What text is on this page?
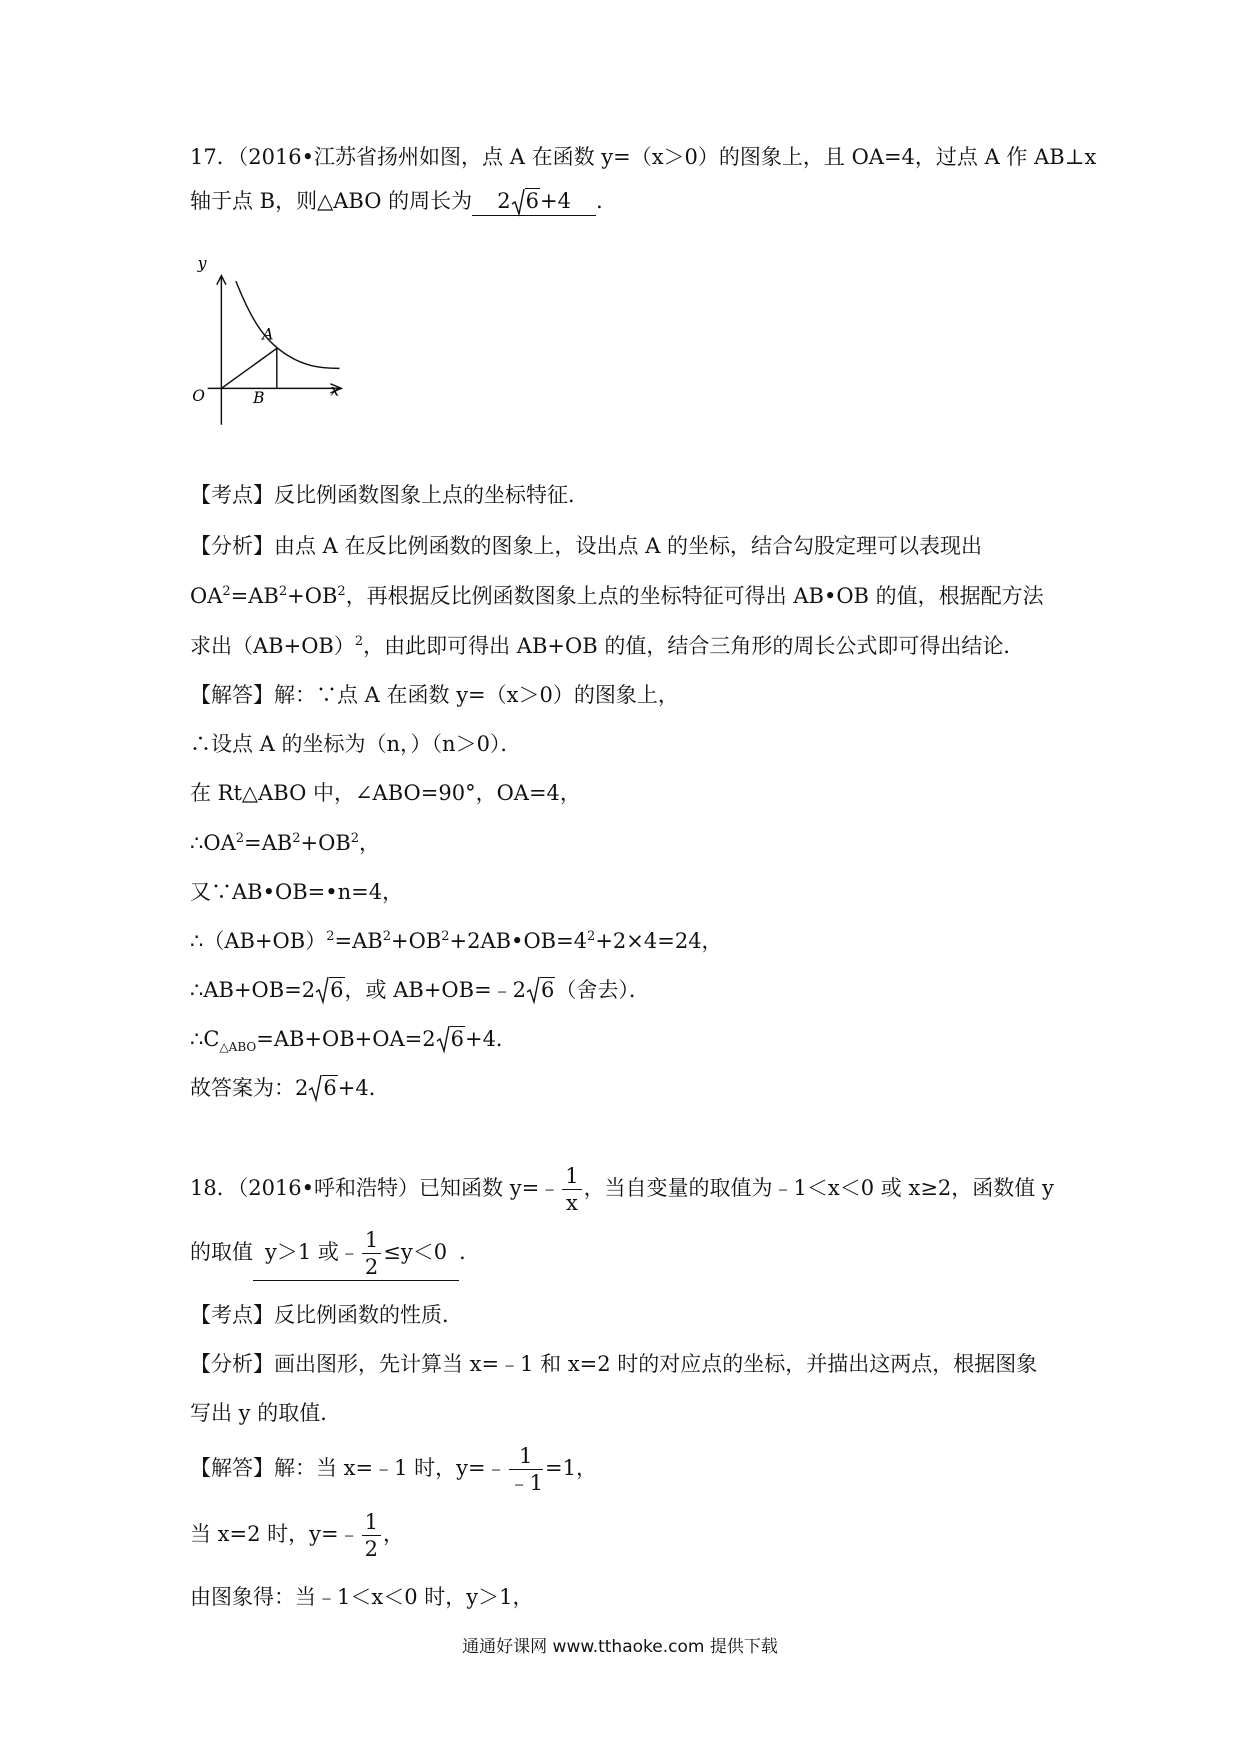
17．（2016•江苏省扬州如图，点 A 在函数 y=（x＞0）的图象上，且 OA=4，过点 A 作 AB⊥x
轴于点 B，则△ABO 的周长为 2 6+4 ．
y
x
O
A
B
【考点】反比例函数图象上点的坐标特征．
【分析】由点 A 在反比例函数的图象上，设出点 A 的坐标，结合勾股定理可以表现出
$OA^2=AB^2+OB^2$，再根据反比例函数图象上点的坐标特征可得出 AB•OB 的值，根据配方法
求出$(AB+OB)^2$，由此即可得出 AB+OB 的值，结合三角形的周长公式即可得出结论．
【解答】解：∵点 A 在函数 y=（x＞0）的图象上，
∴设点 A 的坐标为（n，）（n＞0）．
在 Rt△ABO 中，∠ABO=90°，OA=4，
$\therefore OA^2=AB^2+OB^2$，
又∵AB•OB=•n=4，
$\therefore(AB+OB)^2=AB^2+OB^2+2AB•OB=4^2+2\times 4=24$，
∴AB+OB=2 6，或 AB+OB=﹣2 6（舍去）．
$\therefore C_{\triangle ABO}=AB+OB+OA=2$ 6+4．
故答案为：2 6+4．
18．（2016•呼和浩特）已知函数 y=﹣ $\frac{1}{x}$ ，当自变量的取值为﹣1＜x＜0 或 x≥2，函数值 y
的取值 y＞1 或﹣ $\frac{1}{2} \le y<0$ ．
【考点】反比例函数的性质．
【分析】画出图形，先计算当 x=﹣1 和 x=2 时的对应点的坐标，并描出这两点，根据图象
写出 y 的取值．
【解答】解：当 x=﹣1 时，y=﹣ $\frac{1}{﹣1} =1$，
当 x=2 时，y=﹣ $\frac{1}{2}$ ，
由图象得：当﹣1＜x＜0 时，y＞1，
通通好课网 www.tthaoke.com 提供下载
